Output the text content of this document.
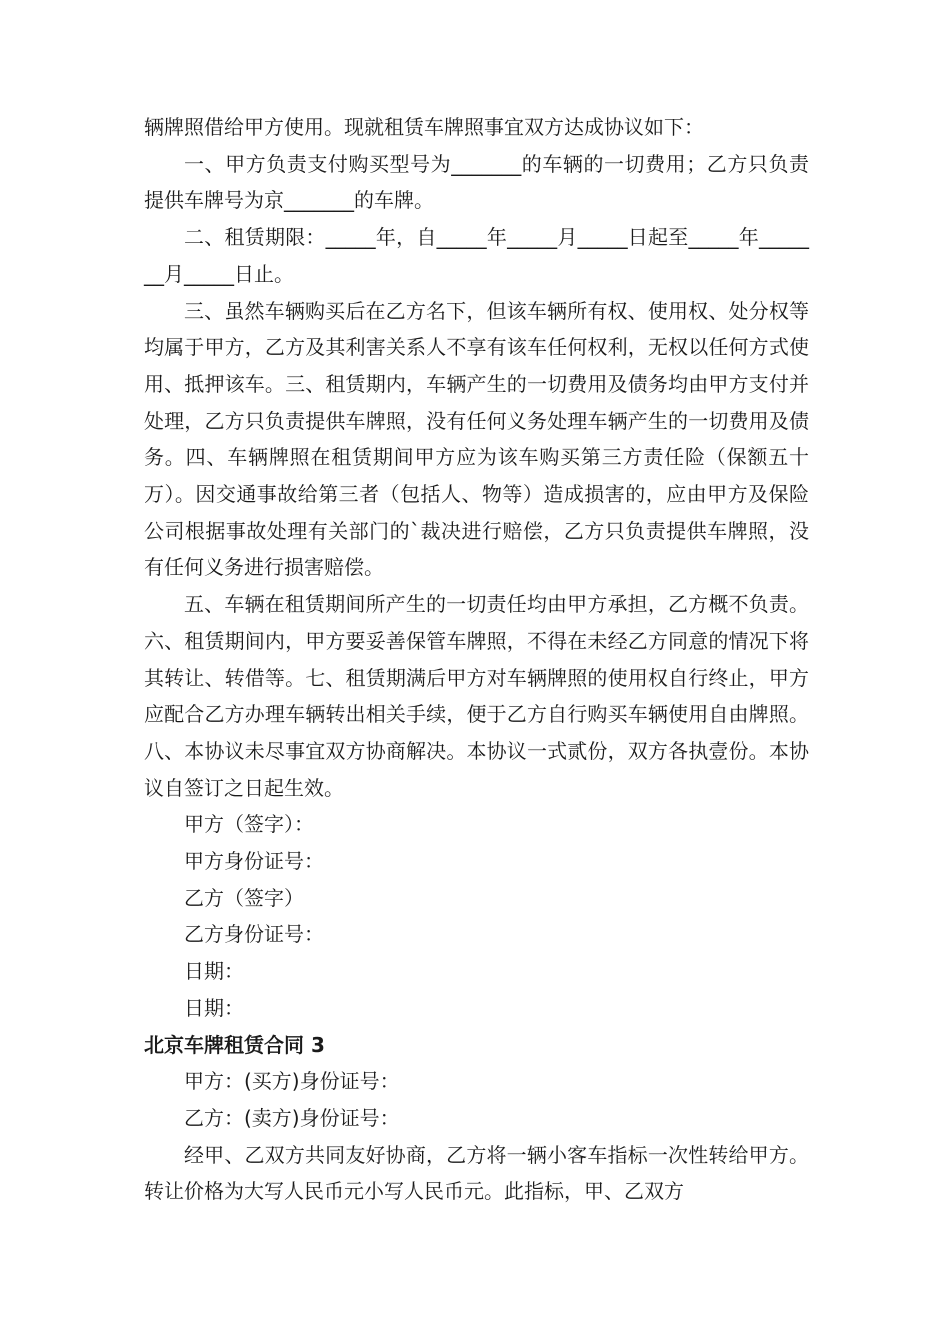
辆牌照借给甲方使用。现就租赁车牌照事宜双方达成协议如下：

一、甲方负责支付购买型号为_______的车辆的一切费用；乙方只负责提供车牌号为京_______的车牌。

二、租赁期限：_____年，自_____年_____月_____日起至_____年_______月_____日止。

三、虽然车辆购买后在乙方名下，但该车辆所有权、使用权、处分权等均属于甲方，乙方及其利害关系人不享有该车任何权利，无权以任何方式使用、抵押该车。三、租赁期内，车辆产生的一切费用及债务均由甲方支付并处理，乙方只负责提供车牌照，没有任何义务处理车辆产生的一切费用及债务。四、车辆牌照在租赁期间甲方应为该车购买第三方责任险（保额五十万）。因交通事故给第三者（包括人、物等）造成损害的，应由甲方及保险公司根据事故处理有关部门的`裁决进行赔偿，乙方只负责提供车牌照，没有任何义务进行损害赔偿。

五、车辆在租赁期间所产生的一切责任均由甲方承担，乙方概不负责。六、租赁期间内，甲方要妥善保管车牌照，不得在未经乙方同意的情况下将其转让、转借等。七、租赁期满后甲方对车辆牌照的使用权自行终止，甲方应配合乙方办理车辆转出相关手续，便于乙方自行购买车辆使用自由牌照。八、本协议未尽事宜双方协商解决。本协议一式贰份，双方各执壹份。本协议自签订之日起生效。

甲方（签字）：

甲方身份证号：

乙方（签字）

乙方身份证号：

日期：

日期：

北京车牌租赁合同 3

甲方：(买方)身份证号：

乙方：(卖方)身份证号：

经甲、乙双方共同友好协商，乙方将一辆小客车指标一次性转给甲方。转让价格为大写人民币元小写人民币元。此指标，甲、乙双方
